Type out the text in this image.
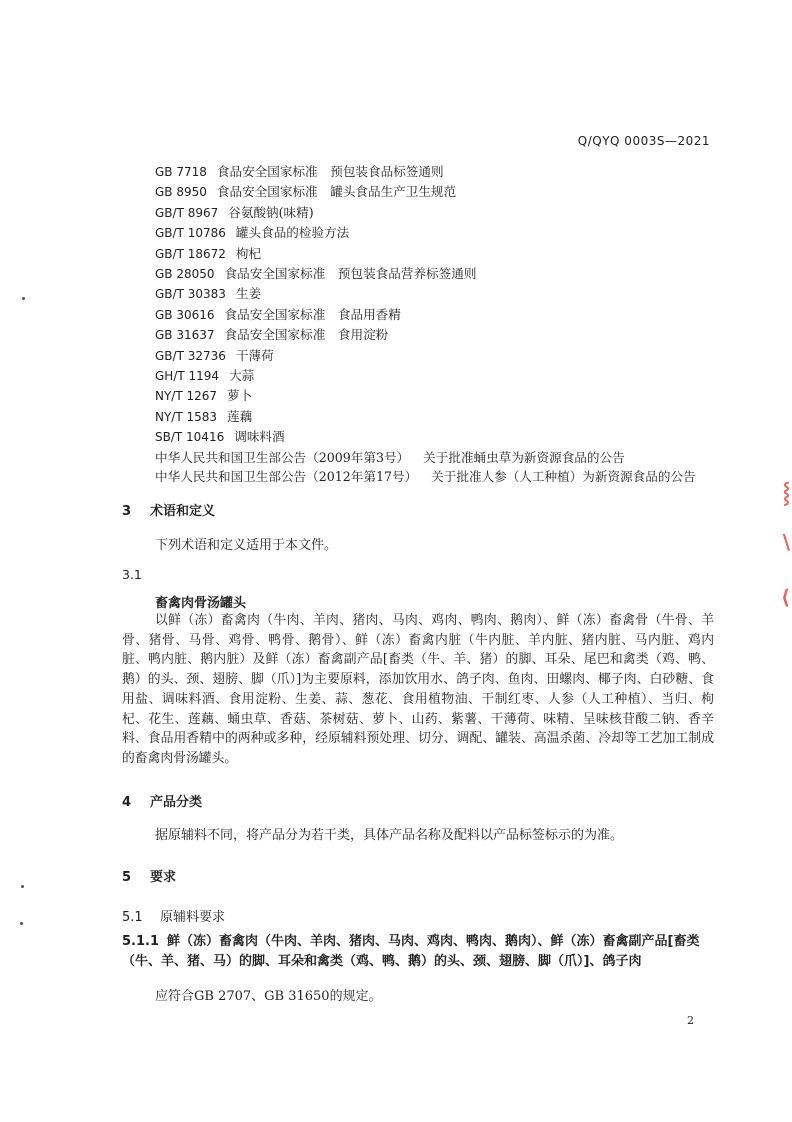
Q/QYQ 0003S—2021
GB 7718 食品安全国家标准　预包装食品标签通则
GB 8950 食品安全国家标准　罐头食品生产卫生规范
GB/T 8967 谷氨酸钠(味精)
GB/T 10786 罐头食品的检验方法
GB/T 18672 枸杞
GB 28050 食品安全国家标准　预包装食品营养标签通则
GB/T 30383 生姜
GB 30616 食品安全国家标准　食品用香精
GB 31637 食品安全国家标准　食用淀粉
GB/T 32736 干薄荷
GH/T 1194 大蒜
NY/T 1267 萝卜
NY/T 1583 莲藕
SB/T 10416 调味料酒
中华人民共和国卫生部公告（2009年第3号） 关于批准蛹虫草为新资源食品的公告
中华人民共和国卫生部公告（2012年第17号） 关于批准人参（人工种植）为新资源食品的公告
3 术语和定义
下列术语和定义适用于本文件。
3.1
畜禽肉骨汤罐头
以鲜（冻）畜禽肉（牛肉、羊肉、猪肉、马肉、鸡肉、鸭肉、鹅肉）、鲜（冻）畜禽骨（牛骨、羊骨、猪骨、马骨、鸡骨、鸭骨、鹅骨）、鲜（冻）畜禽内脏（牛内脏、羊内脏、猪内脏、马内脏、鸡内脏、鸭内脏、鹅内脏）及鲜（冻）畜禽副产品[畜类（牛、羊、猪）的脚、耳朵、尾巴和禽类（鸡、鸭、鹅）的头、颈、翅膀、脚（爪）]为主要原料，添加饮用水、鸽子肉、鱼肉、田螺肉、椰子肉、白砂糖、食用盐、调味料酒、食用淀粉、生姜、蒜、葱花、食用植物油、干制红枣、人参（人工种植）、当归、枸杞、花生、莲藕、蛹虫草、香菇、茶树菇、萝卜、山药、紫薯、干薄荷、味精、呈味核苷酸二钠、香辛料、食品用香精中的两种或多种，经原辅料预处理、切分、调配、罐装、高温杀菌、冷却等工艺加工制成的畜禽肉骨汤罐头。
4 产品分类
据原辅料不同，将产品分为若干类，具体产品名称及配料以产品标签标示的为准。
5 要求
5.1 原辅料要求
5.1.1 鲜（冻）畜禽肉（牛肉、羊肉、猪肉、马肉、鸡肉、鸭肉、鹅肉）、鲜（冻）畜禽副产品[畜类（牛、羊、猪、马）的脚、耳朵和禽类（鸡、鸭、鹅）的头、颈、翅膀、脚（爪）]、鸽子肉
应符合GB 2707、GB 31650的规定。
2
⸾
\
⟨
